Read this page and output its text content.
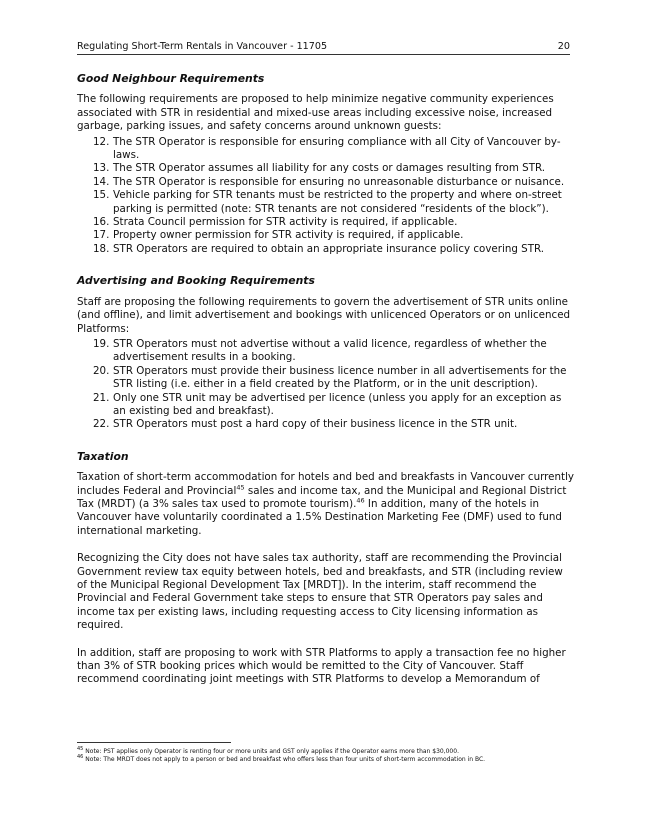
Regulating Short-Term Rentals in Vancouver - 11705	20
Good Neighbour Requirements

The following requirements are proposed to help minimize negative community experiences associated with STR in residential and mixed-use areas including excessive noise, increased garbage, parking issues, and safety concerns around unknown guests:

12. The STR Operator is responsible for ensuring compliance with all City of Vancouver by-laws.
13. The STR Operator assumes all liability for any costs or damages resulting from STR.
14. The STR Operator is responsible for ensuring no unreasonable disturbance or nuisance.
15. Vehicle parking for STR tenants must be restricted to the property and where on-street parking is permitted (note: STR tenants are not considered “residents of the block”).
16. Strata Council permission for STR activity is required, if applicable.
17. Property owner permission for STR activity is required, if applicable.
18. STR Operators are required to obtain an appropriate insurance policy covering STR.
Advertising and Booking Requirements

Staff are proposing the following requirements to govern the advertisement of STR units online (and offline), and limit advertisement and bookings with unlicenced Operators or on unlicenced Platforms:

19. STR Operators must not advertise without a valid licence, regardless of whether the advertisement results in a booking.
20. STR Operators must provide their business licence number in all advertisements for the STR listing (i.e. either in a field created by the Platform, or in the unit description).
21. Only one STR unit may be advertised per licence (unless you apply for an exception as an existing bed and breakfast).
22. STR Operators must post a hard copy of their business licence in the STR unit.
Taxation

Taxation of short-term accommodation for hotels and bed and breakfasts in Vancouver currently includes Federal and Provincial$^{45}$ sales and income tax, and the Municipal and Regional District Tax (MRDT) (a 3% sales tax used to promote tourism).$^{46}$ In addition, many of the hotels in Vancouver have voluntarily coordinated a 1.5% Destination Marketing Fee (DMF) used to fund international marketing.

Recognizing the City does not have sales tax authority, staff are recommending the Provincial Government review tax equity between hotels, bed and breakfasts, and STR (including review of the Municipal Regional Development Tax [MRDT]). In the interim, staff recommend the Provincial and Federal Government take steps to ensure that STR Operators pay sales and income tax per existing laws, including requesting access to City licensing information as required.

In addition, staff are proposing to work with STR Platforms to apply a transaction fee no higher than 3% of STR booking prices which would be remitted to the City of Vancouver. Staff recommend coordinating joint meetings with STR Platforms to develop a Memorandum of

$^{45}$ Note: PST applies only Operator is renting four or more units and GST only applies if the Operator earns more than $30,000.
$^{46}$ Note: The MRDT does not apply to a person or bed and breakfast who offers less than four units of short-term accommodation in BC.
